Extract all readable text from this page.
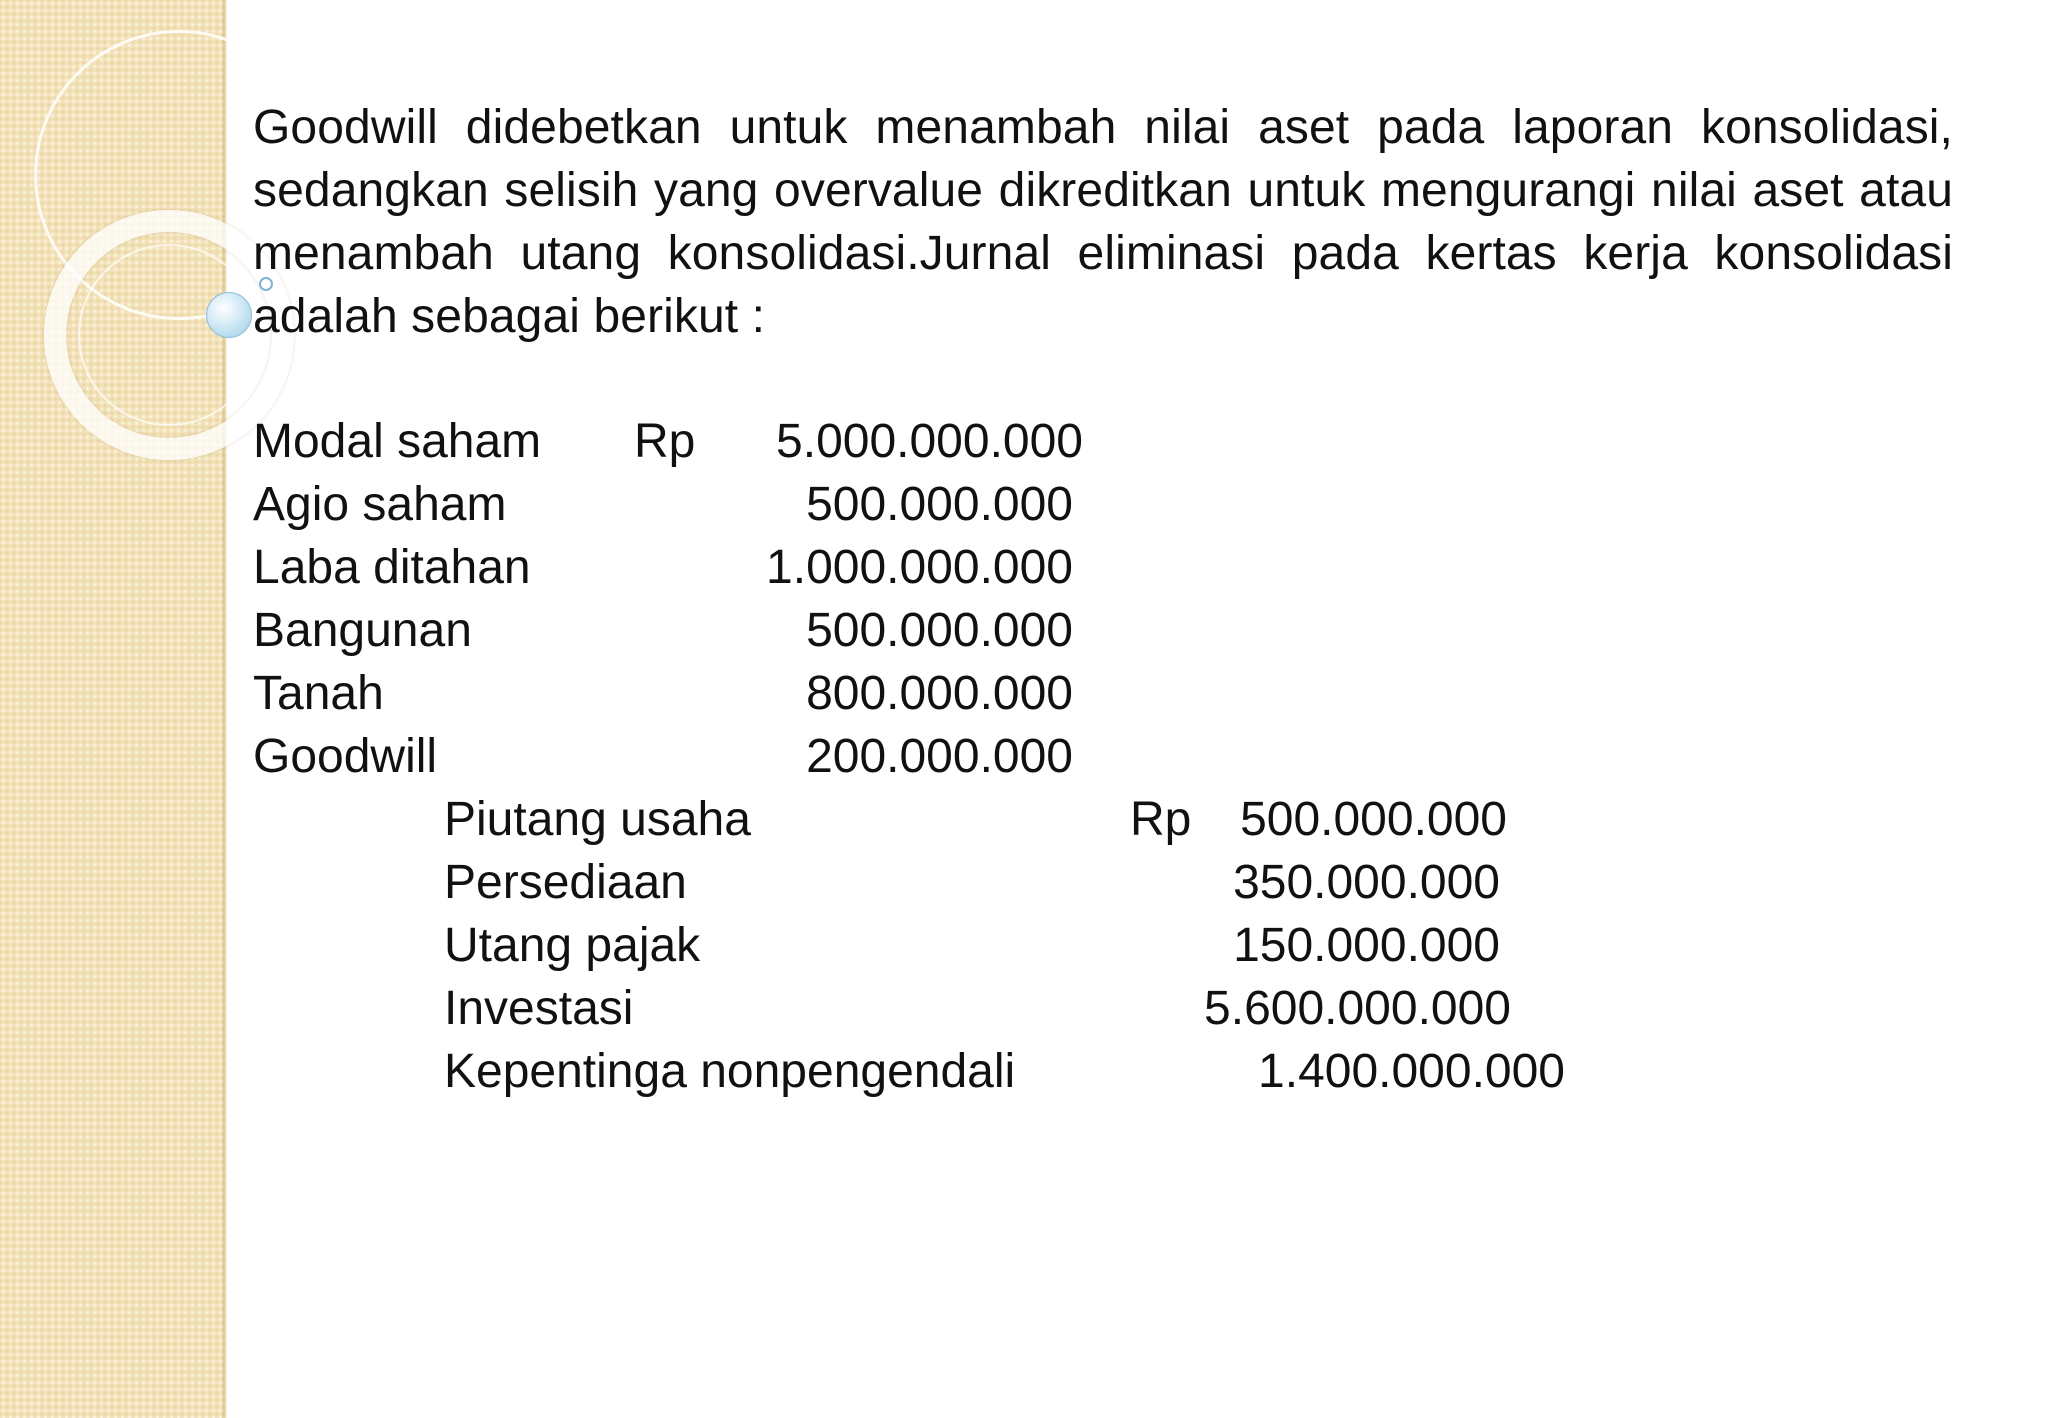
Goodwill didebetkan untuk menambah nilai aset pada laporan konsolidasi, sedangkan selisih yang overvalue dikreditkan untuk mengurangi nilai aset atau menambah utang konsolidasi.Jurnal eliminasi pada kertas kerja konsolidasi adalah sebagai berikut :

Modal saham Rp	5.000.000.000
Agio saham	500.000.000
Laba ditahan	1.000.000.000
Bangunan	500.000.000
Tanah	800.000.000
Goodwill	200.000.000
Piutang usaha	Rp	500.000.000
Persediaan	350.000.000
Utang pajak	150.000.000
Investasi	5.600.000.000
Kepentinga nonpengendali	1.400.000.000
